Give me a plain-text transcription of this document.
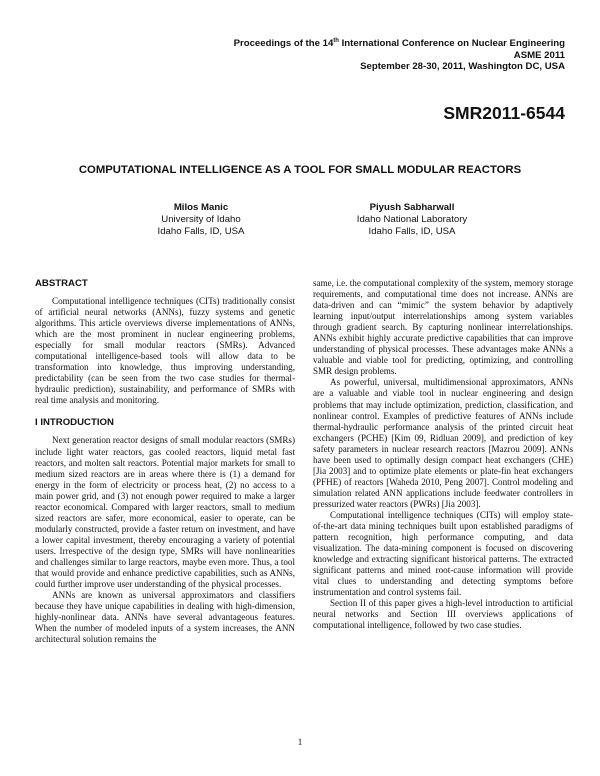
Proceedings of the 14th International Conference on Nuclear Engineering
ASME 2011
September 28-30, 2011, Washington DC, USA
SMR2011-6544
COMPUTATIONAL INTELLIGENCE AS A TOOL FOR SMALL MODULAR REACTORS
Milos Manic
University of Idaho
Idaho Falls, ID, USA
Piyush Sabharwall
Idaho National Laboratory
Idaho Falls, ID, USA
ABSTRACT

Computational intelligence techniques (CITs) traditionally consist of artificial neural networks (ANNs), fuzzy systems and genetic algorithms. This article overviews diverse implementations of ANNs, which are the most prominent in nuclear engineering problems, especially for small modular reactors (SMRs). Advanced computational intelligence-based tools will allow data to be transformation into knowledge, thus improving understanding, predictability (can be seen from the two case studies for thermal-hydraulic prediction), sustainability, and performance of SMRs with real time analysis and monitoring.

I INTRODUCTION

Next generation reactor designs of small modular reactors (SMRs) include light water reactors, gas cooled reactors, liquid metal fast reactors, and molten salt reactors. Potential major markets for small to medium sized reactors are in areas where there is (1) a demand for energy in the form of electricity or process heat, (2) no access to a main power grid, and (3) not enough power required to make a larger reactor economical. Compared with larger reactors, small to medium sized reactors are safer, more economical, easier to operate, can be modularly constructed, provide a faster return on investment, and have a lower capital investment, thereby encouraging a variety of potential users. Irrespective of the design type, SMRs will have nonlinearities and challenges similar to large reactors, maybe even more. Thus, a tool that would provide and enhance predictive capabilities, such as ANNs, could further improve user understanding of the physical processes.

ANNs are known as universal approximators and classifiers because they have unique capabilities in dealing with high-dimension, highly-nonlinear data. ANNs have several advantageous features. When the number of modeled inputs of a system increases, the ANN architectural solution remains the

same, i.e. the computational complexity of the system, memory storage requirements, and computational time does not increase. ANNs are data-driven and can “mimic” the system behavior by adaptively learning input/output interrelationships among system variables through gradient search. By capturing nonlinear interrelationships. ANNs exhibit highly accurate predictive capabilities that can improve understanding of physical processes. These advantages make ANNs a valuable and viable tool for predicting, optimizing, and controlling SMR design problems.

As powerful, universal, multidimensional approximators, ANNs are a valuable and viable tool in nuclear engineering and design problems that may include optimization, prediction, classification, and nonlinear control. Examples of predictive features of ANNs include thermal-hydraulic performance analysis of the printed circuit heat exchangers (PCHE) [Kim 09, Ridluan 2009], and prediction of key safety parameters in nuclear research reactors [Mazrou 2009]. ANNs have been used to optimally design compact heat exchangers (CHE) [Jia 2003] and to optimize plate elements or plate-fin heat exchangers (PFHE) of reactors [Waheda 2010, Peng 2007]. Control modeling and simulation related ANN applications include feedwater controllers in pressurized water reactors (PWRs) [Jia 2003].

Computational intelligence techniques (CITs) will employ state-of-the-art data mining techniques built upon established paradigms of pattern recognition, high performance computing, and data visualization. The data-mining component is focused on discovering knowledge and extracting significant historical patterns. The extracted significant patterns and mined root-cause information will provide vital clues to understanding and detecting symptoms before instrumentation and control systems fail.

Section II of this paper gives a high-level introduction to artificial neural networks and Section III overviews applications of computational intelligence, followed by two case studies.

1
